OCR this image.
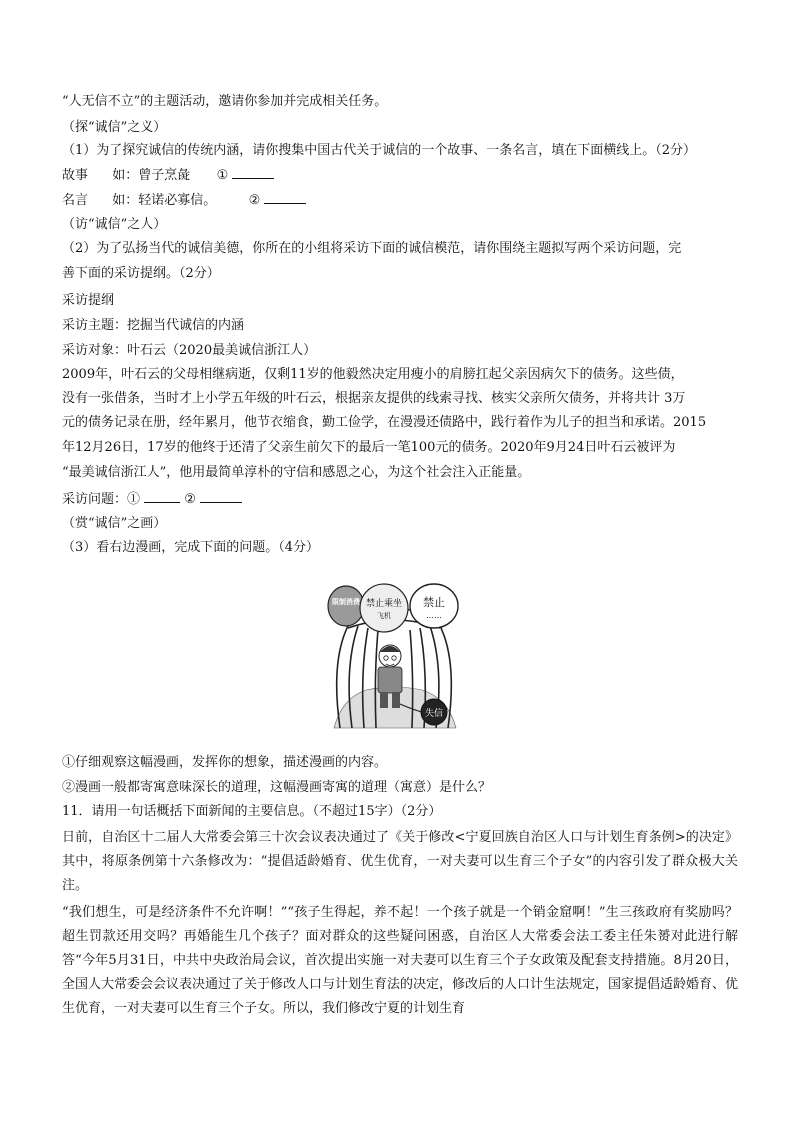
“人无信不立”的主题活动，邀请你参加并完成相关任务。
（探“诚信”之义）
（1）为了探究诚信的传统内涵，请你搜集中国古代关于诚信的一个故事、一条名言，填在下面横线上。（2分）
故事 如：曾子烹彘 ①
名言 如：轻诺必寡信。 ②
（访“诚信”之人）
（2）为了弘扬当代的诚信美德，你所在的小组将采访下面的诚信模范，请你围绕主题拟写两个采访问题，完
善下面的采访提纲。（2分）
采访提纲
采访主题：挖掘当代诚信的内涵
采访对象：叶石云（2020最美诚信浙江人）
2009年，叶石云的父母相继病逝，仅剩11岁的他毅然决定用瘦小的肩膀扛起父亲因病欠下的债务。这些债，
没有一张借条，当时才上小学五年级的叶石云，根据亲友提供的线索寻找、核实父亲所欠债务，并将共计 3万
元的债务记录在册，经年累月，他节衣缩食，勤工俭学，在漫漫还债路中，践行着作为儿子的担当和承诺。2015
年12月26日，17岁的他终于还清了父亲生前欠下的最后一笔100元的债务。2020年9月24日叶石云被评为
“最美诚信浙江人”，他用最简单淳朴的守信和感恩之心，为这个社会注入正能量。
采访问题：①	②
（赏“诚信”之画）
（3）看右边漫画，完成下面的问题。（4分）
限制消费 禁止乘坐
飞机
禁止
……
失信
①仔细观察这幅漫画，发挥你的想象，描述漫画的内容。
②漫画一般都寄寓意味深长的道理，这幅漫画寄寓的道理（寓意）是什么？
11．请用一句话概括下面新闻的主要信息。（不超过15字）（2分）
日前，自治区十二届人大常委会第三十次会议表决通过了《关于修改<宁夏回族自治区人口与计划生育条例>的决定》其中，将原条例第十六条修改为：“提倡适龄婚育、优生优育，一对夫妻可以生育三个子女”的内容引发了群众极大关注。
“我们想生，可是经济条件不允许啊！”“孩子生得起，养不起！一个孩子就是一个销金窟啊！”生三孩政府有奖励吗？超生罚款还用交吗？再婚能生几个孩子？面对群众的这些疑问困惑，自治区人大常委会法工委主任朱赟对此进行解答“今年5月31日，中共中央政治局会议，首次提出实施一对夫妻可以生育三个子女政策及配套支持措施。8月20日，全国人大常委会会议表决通过了关于修改人口与计划生育法的决定，修改后的人口计生法规定，国家提倡适龄婚育、优生优育，一对夫妻可以生育三个子女。所以，我们修改宁夏的计划生育
